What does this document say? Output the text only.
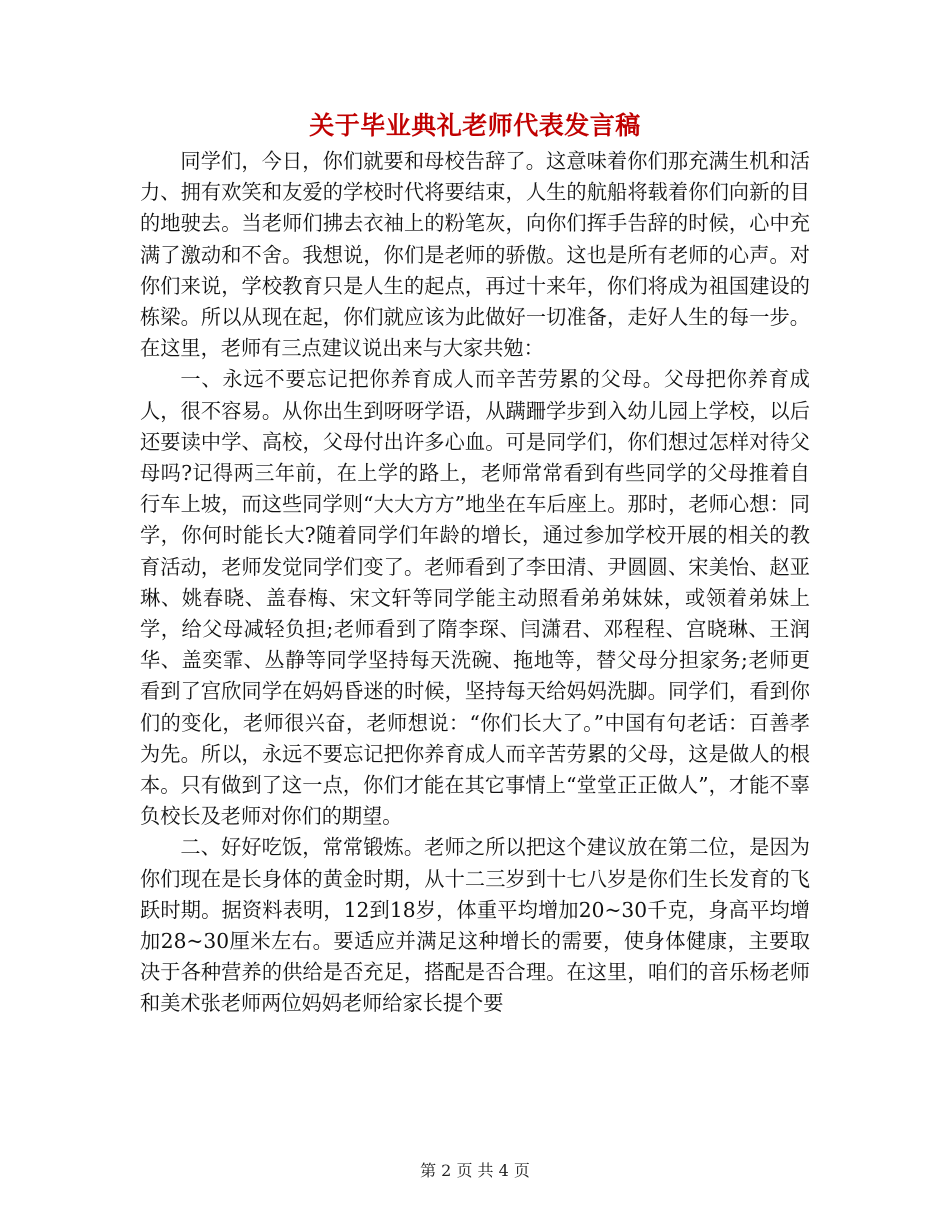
关于毕业典礼老师代表发言稿

同学们，今日，你们就要和母校告辞了。这意味着你们那充满生机和活力、拥有欢笑和友爱的学校时代将要结束，人生的航船将载着你们向新的目的地驶去。当老师们拂去衣袖上的粉笔灰，向你们挥手告辞的时候，心中充满了激动和不舍。我想说，你们是老师的骄傲。这也是所有老师的心声。对你们来说，学校教育只是人生的起点，再过十来年，你们将成为祖国建设的栋梁。所以从现在起，你们就应该为此做好一切准备，走好人生的每一步。在这里，老师有三点建议说出来与大家共勉：

一、永远不要忘记把你养育成人而辛苦劳累的父母。父母把你养育成人，很不容易。从你出生到呀呀学语，从蹒跚学步到入幼儿园上学校，以后还要读中学、高校，父母付出许多心血。可是同学们，你们想过怎样对待父母吗?记得两三年前，在上学的路上，老师常常看到有些同学的父母推着自行车上坡，而这些同学则“大大方方”地坐在车后座上。那时，老师心想：同学，你何时能长大?随着同学们年龄的增长，通过参加学校开展的相关的教育活动，老师发觉同学们变了。老师看到了李田清、尹圆圆、宋美怡、赵亚琳、姚春晓、盖春梅、宋文轩等同学能主动照看弟弟妹妹，或领着弟妹上学，给父母减轻负担;老师看到了隋李琛、闫潇君、邓程程、宫晓琳、王润华、盖奕霏、丛静等同学坚持每天洗碗、拖地等，替父母分担家务;老师更看到了宫欣同学在妈妈昏迷的时候，坚持每天给妈妈洗脚。同学们，看到你们的变化，老师很兴奋，老师想说：“你们长大了。”中国有句老话：百善孝为先。所以，永远不要忘记把你养育成人而辛苦劳累的父母，这是做人的根本。只有做到了这一点，你们才能在其它事情上“堂堂正正做人”，才能不辜负校长及老师对你们的期望。

二、好好吃饭，常常锻炼。老师之所以把这个建议放在第二位，是因为你们现在是长身体的黄金时期，从十二三岁到十七八岁是你们生长发育的飞跃时期。据资料表明，12到18岁，体重平均增加20~30千克，身高平均增加28~30厘米左右。要适应并满足这种增长的需要，使身体健康，主要取决于各种营养的供给是否充足，搭配是否合理。在这里，咱们的音乐杨老师和美术张老师两位妈妈老师给家长提个要

第 2 页 共 4 页
